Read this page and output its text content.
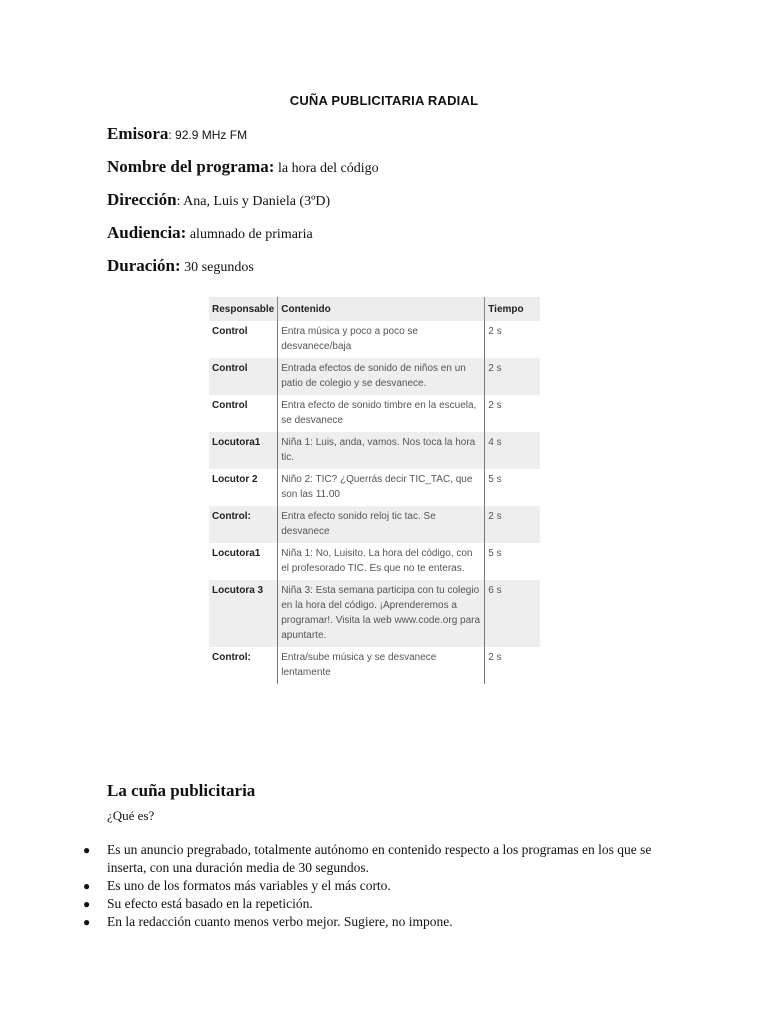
CUÑA PUBLICITARIA RADIAL
Emisora: 92.9 MHz FM
Nombre del programa: la hora del código
Dirección: Ana, Luis y Daniela (3ºD)
Audiencia: alumnado de primaria
Duración: 30 segundos
Responsable	Contenido	Tiempo
Control	Entra música y poco a poco se desvanece/baja	2 s
Control	Entrada efectos de sonido de niños en un patio de colegio y se desvanece.	2 s
Control	Entra efecto de sonido timbre en la escuela, se desvanece	2 s
Locutora1	Niña 1: Luis, anda, vamos. Nos toca la hora tic.	4 s
Locutor 2	Niño 2: TIC? ¿Querrás decir TIC_TAC, que son las 11.00	5 s
Control:	Entra efecto sonido reloj tic tac. Se desvanece	2 s
Locutora1	Niña 1: No, Luisito. La hora del código, con el profesorado TIC. Es que no te enteras.	5 s
Locutora 3	Niña 3: Esta semana participa con tu colegio en la hora del código. ¡Aprenderemos a programar!. Visita la web www.code.org para apuntarte.	6 s
Control:	Entra/sube música y se desvanece lentamente	2 s
La cuña publicitaria
¿Qué es?
● Es un anuncio pregrabado, totalmente autónomo en contenido respecto a los programas en los que se inserta, con una duración media de 30 segundos.
● Es uno de los formatos más variables y el más corto.
● Su efecto está basado en la repetición.
● En la redacción cuanto menos verbo mejor. Sugiere, no impone.
